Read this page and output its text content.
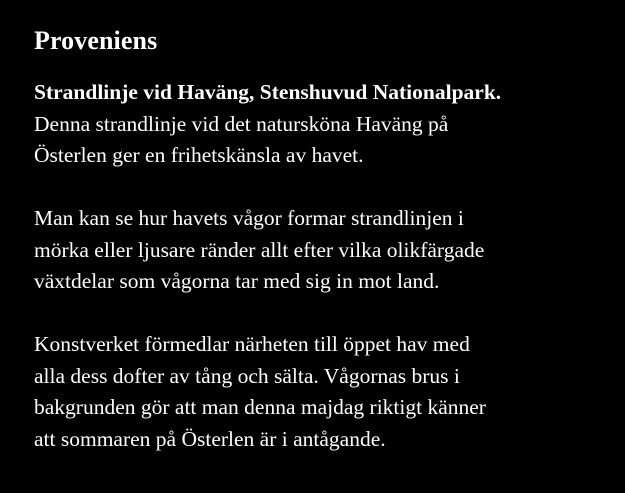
Proveniens
Strandlinje vid Haväng, Stenshuvud Nationalpark.
Denna strandlinje vid det natursköna Haväng på
Österlen ger en frihetskänsla av havet.
Man kan se hur havets vågor formar strandlinjen i
mörka eller ljusare ränder allt efter vilka olikfärgade
växtdelar som vågorna tar med sig in mot land.
Konstverket förmedlar närheten till öppet hav med
alla dess dofter av tång och sälta. Vågornas brus i
bakgrunden gör att man denna majdag riktigt känner
att sommaren på Österlen är i antågande.
